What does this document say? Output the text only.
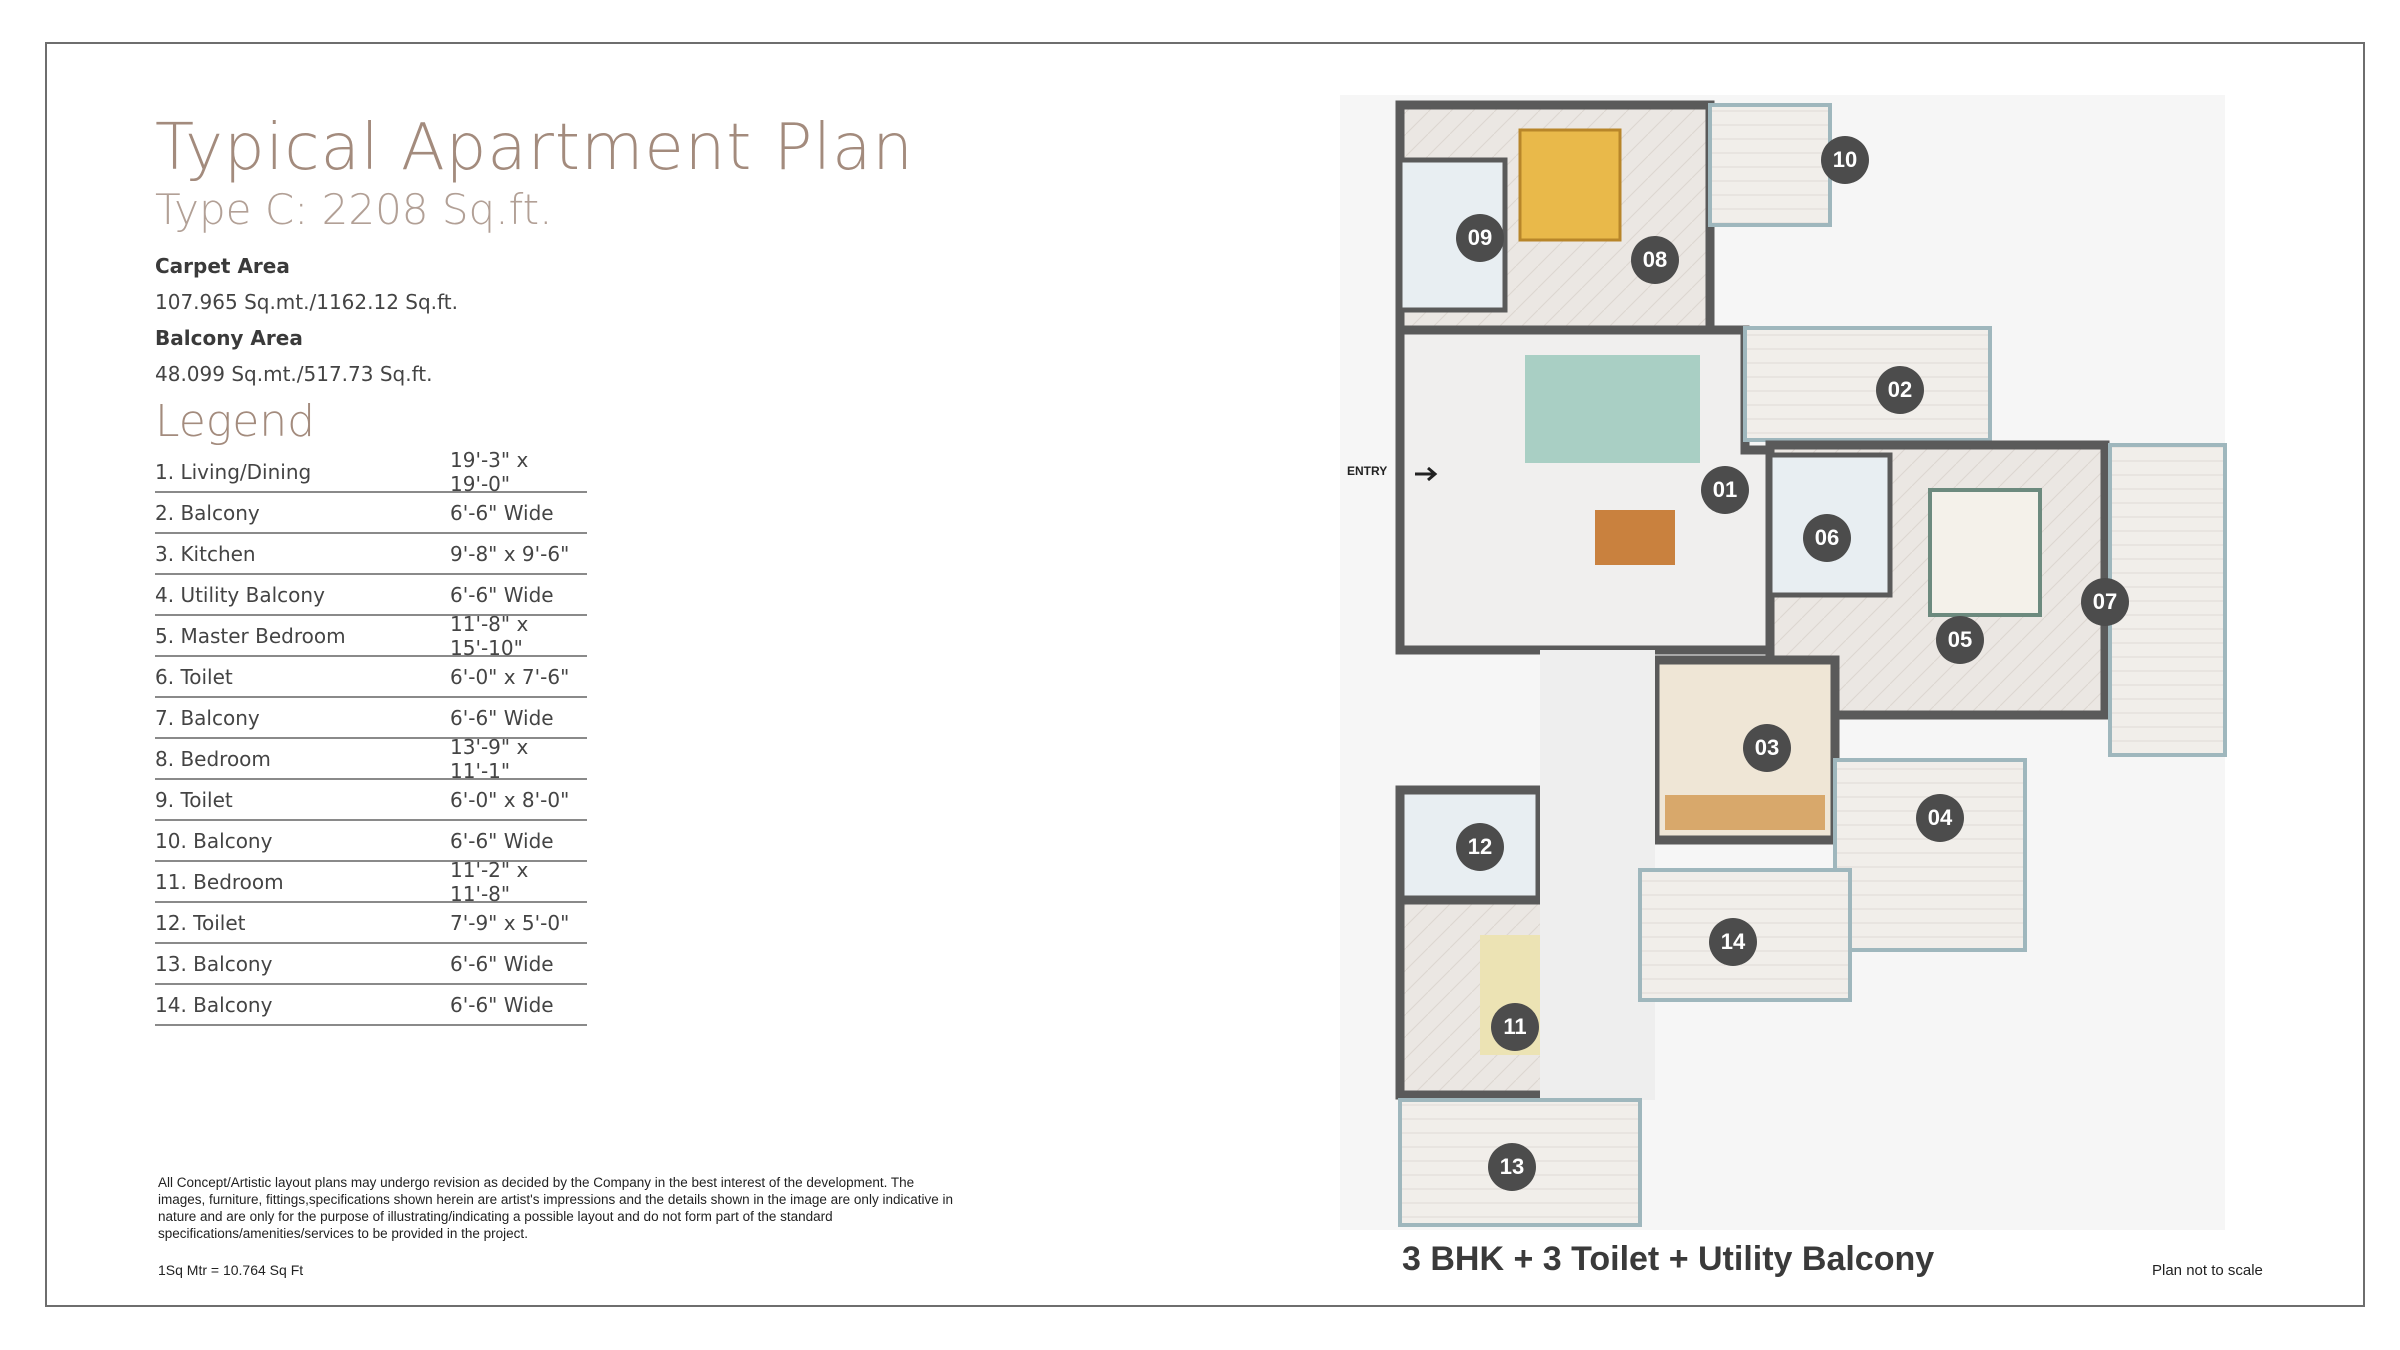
Typical Apartment Plan
Type C: 2208 Sq.ft.
Carpet Area
107.965 Sq.mt./1162.12 Sq.ft.
Balcony Area
48.099 Sq.mt./517.73 Sq.ft.
Legend
1. Living/Dining	19'-3" x 19'-0"
2. Balcony	6'-6" Wide
3. Kitchen	9'-8" x 9'-6"
4. Utility Balcony	6'-6" Wide
5. Master Bedroom	11'-8" x 15'-10"
6. Toilet	6'-0" x 7'-6"
7. Balcony	6'-6" Wide
8. Bedroom	13'-9" x 11'-1"
9. Toilet	6'-0" x 8'-0"
10. Balcony	6'-6" Wide
11. Bedroom	11'-2" x 11'-8"
12. Toilet	7'-9" x 5'-0"
13. Balcony	6'-6" Wide
14. Balcony	6'-6" Wide
All Concept/Artistic layout plans may undergo revision as decided by the Company in the best interest of the development. The images, furniture, fittings,specifications shown herein are artist's impressions and the details shown in the image are only indicative in nature and are only for the purpose of illustrating/indicating a possible layout and do not form part of the standard specifications/amenities/services to be provided in the project.
1Sq Mtr = 10.764 Sq Ft	3 BHK + 3 Toilet + Utility Balcony	Plan not to scale
01
02
03
04
05
06
07
08
09
10
11
12
13
14
ENTRY
